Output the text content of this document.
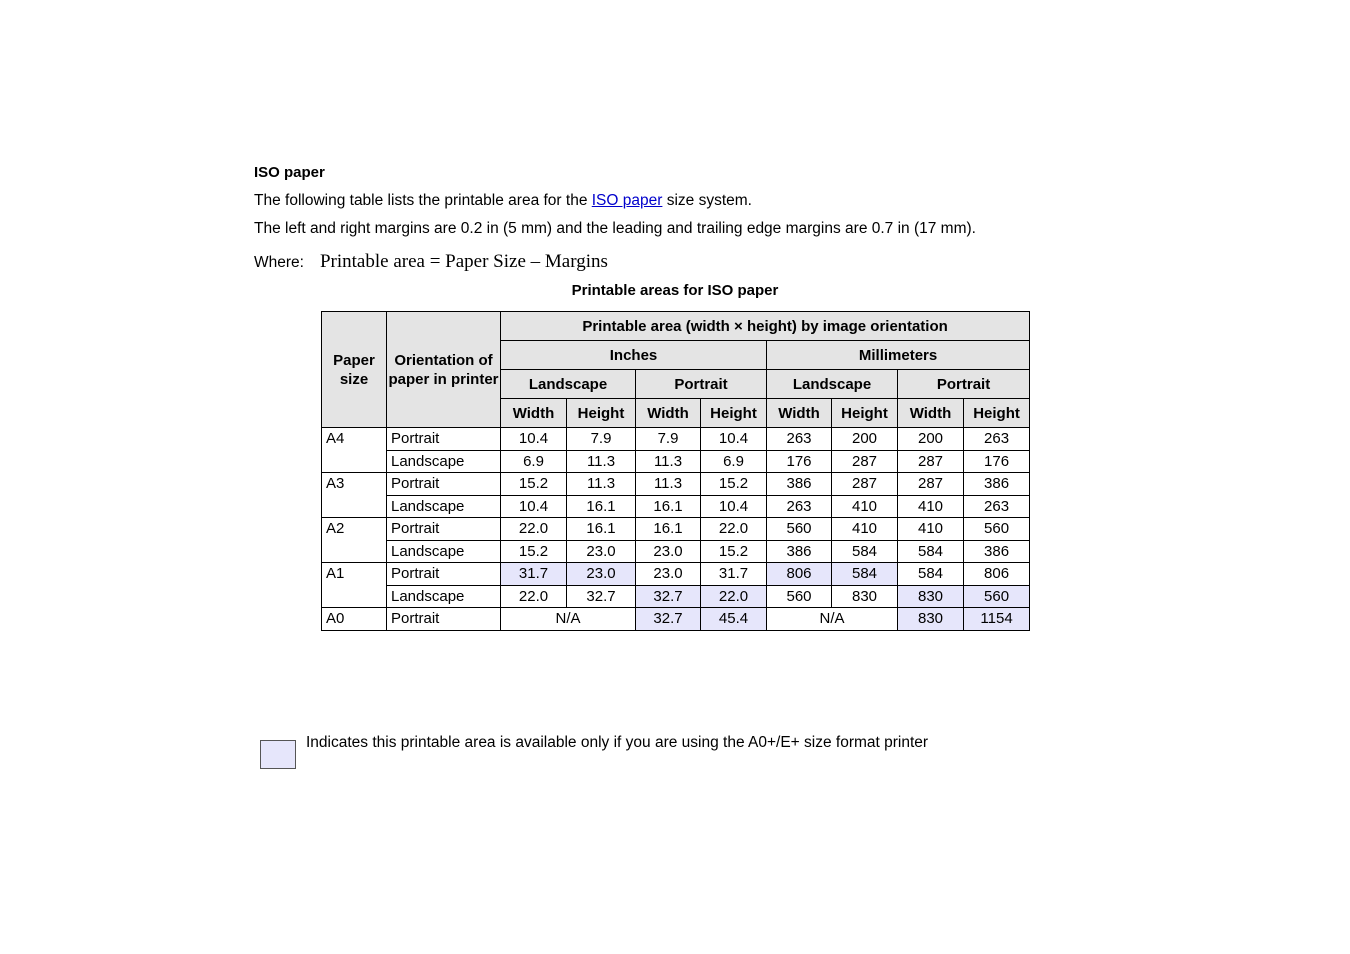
ISO paper
The following table lists the printable area for the ISO paper size system.
The left and right margins are 0.2 in (5 mm) and the leading and trailing edge margins are 0.7 in (17 mm).
Where: Printable area = Paper Size – Margins
Printable areas for ISO paper
Paper size	Orientation of paper in printer	Printable area (width × height) by image orientation							
		Inches				Millimeters			
		Landscape		Portrait		Landscape		Portrait	
		Width	Height	Width	Height	Width	Height	Width	Height
A4	Portrait	10.4	7.9	7.9	10.4	263	200	200	263
	Landscape	6.9	11.3	11.3	6.9	176	287	287	176
A3	Portrait	15.2	11.3	11.3	15.2	386	287	287	386
	Landscape	10.4	16.1	16.1	10.4	263	410	410	263
A2	Portrait	22.0	16.1	16.1	22.0	560	410	410	560
	Landscape	15.2	23.0	23.0	15.2	386	584	584	386
A1	Portrait	31.7	23.0	23.0	31.7	806	584	584	806
	Landscape	22.0	32.7	32.7	22.0	560	830	830	560
A0	Portrait	N/A		32.7	45.4	N/A		830	1154
Indicates this printable area is available only if you are using the A0+/E+ size format printer
